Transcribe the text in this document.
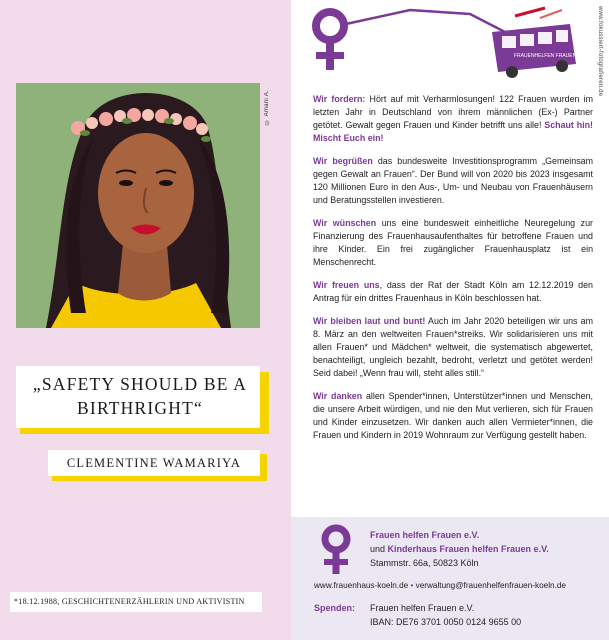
© Amani A.
„SAFETY SHOULD BE A BIRTHRIGHT“
CLEMENTINE WAMARIYA
*18.12.1988, GESCHICHTENERZÄHLERIN UND AKTIVISTIN
FRAUENHELFEN FRAUEN	www.fokussiert-fotografieren.de

Wir fordern: Hört auf mit Verharmlosungen! 122 Frauen wurden im letzten Jahr in Deutschland von ihrem männlichen (Ex-) Partner getötet. Gewalt gegen Frauen und Kinder betrifft uns alle! Schaut hin! Mischt Euch ein!

Wir begrüßen das bundesweite Investitionsprogramm „Gemeinsam gegen Gewalt an Frauen“. Der Bund will von 2020 bis 2023 insgesamt 120 Millionen Euro in den Aus-, Um- und Neubau von Frauenhäusern und Beratungsstellen investieren.

Wir wünschen uns eine bundesweit einheitliche Neuregelung zur Finanzierung des Frauenhausaufenthaltes für betroffene Frauen und ihre Kinder. Ein frei zugänglicher Frauenhausplatz ist ein Menschenrecht.

Wir freuen uns, dass der Rat der Stadt Köln am 12.12.2019 den Antrag für ein drittes Frauenhaus in Köln beschlossen hat.

Wir bleiben laut und bunt! Auch im Jahr 2020 beteiligen wir uns am 8. März an den weltweiten Frauen*streiks. Wir solidarisieren uns mit allen Frauen* und Mädchen* weltweit, die systematisch abgewertet, benachteiligt, ungleich bezahlt, bedroht, verletzt und getötet werden! Seid dabei! „Wenn frau will, steht alles still.“

Wir danken allen Spender*innen, Unterstützer*innen und Menschen, die unsere Arbeit würdigen, und nie den Mut verlieren, sich für Frauen und Kinder einzusetzen. Wir danken auch allen Vermieter*innen, die Frauen und Kindern in 2019 Wohnraum zur Verfügung gestellt haben.

Frauen helfen Frauen e.V.
und Kinderhaus Frauen helfen Frauen e.V.
Stammstr. 66a, 50823 Köln
www.frauenhaus-koeln.de • verwaltung@frauenhelfenfrauen-koeln.de
Spenden: Frauen helfen Frauen e.V.
IBAN: DE76 3701 0050 0124 9655 00
